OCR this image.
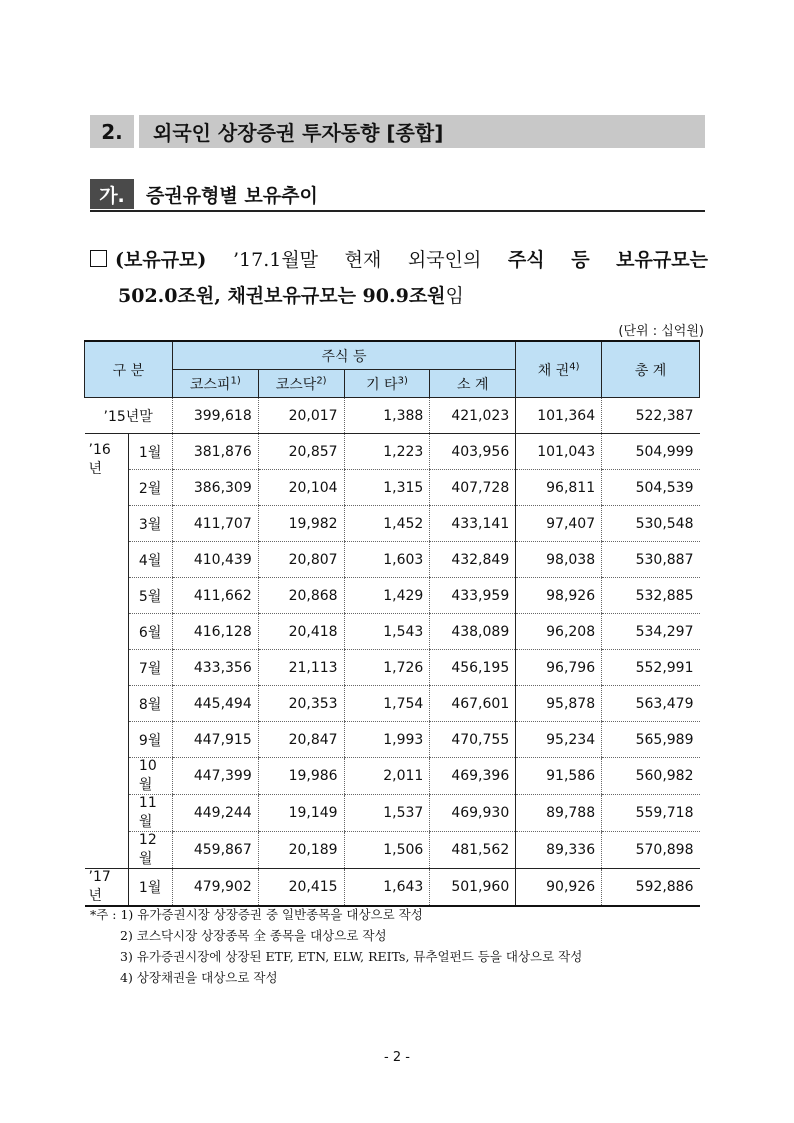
2.	외국인 상장증권 투자동향 [종합]
가.	증권유형별 보유추이
(보유규모) ’17.1월말 현재 외국인의 주식 등 보유규모는
502.0조원, 채권보유규모는 90.9조원임
(단위 : 십억원)
구 분		주식 등				채 권$^{4)}$	총 계
		코스피$^{1)}$	코스닥$^{2)}$	기 타$^{3)}$	소 계		
’15년말		399,618	20,017	1,388	421,023	101,364	522,387
’16년	1월	381,876	20,857	1,223	403,956	101,043	504,999
	2월	386,309	20,104	1,315	407,728	96,811	504,539
	3월	411,707	19,982	1,452	433,141	97,407	530,548
	4월	410,439	20,807	1,603	432,849	98,038	530,887
	5월	411,662	20,868	1,429	433,959	98,926	532,885
	6월	416,128	20,418	1,543	438,089	96,208	534,297
	7월	433,356	21,113	1,726	456,195	96,796	552,991
	8월	445,494	20,353	1,754	467,601	95,878	563,479
	9월	447,915	20,847	1,993	470,755	95,234	565,989
	10월	447,399	19,986	2,011	469,396	91,586	560,982
	11월	449,244	19,149	1,537	469,930	89,788	559,718
	12월	459,867	20,189	1,506	481,562	89,336	570,898
’17년	1월	479,902	20,415	1,643	501,960	90,926	592,886
*주 : 1) 유가증권시장 상장증권 중 일반종목을 대상으로 작성
2) 코스닥시장 상장종목 全 종목을 대상으로 작성
3) 유가증권시장에 상장된 ETF, ETN, ELW, REITs, 뮤추얼펀드 등을 대상으로 작성
4) 상장채권을 대상으로 작성
- 2 -
